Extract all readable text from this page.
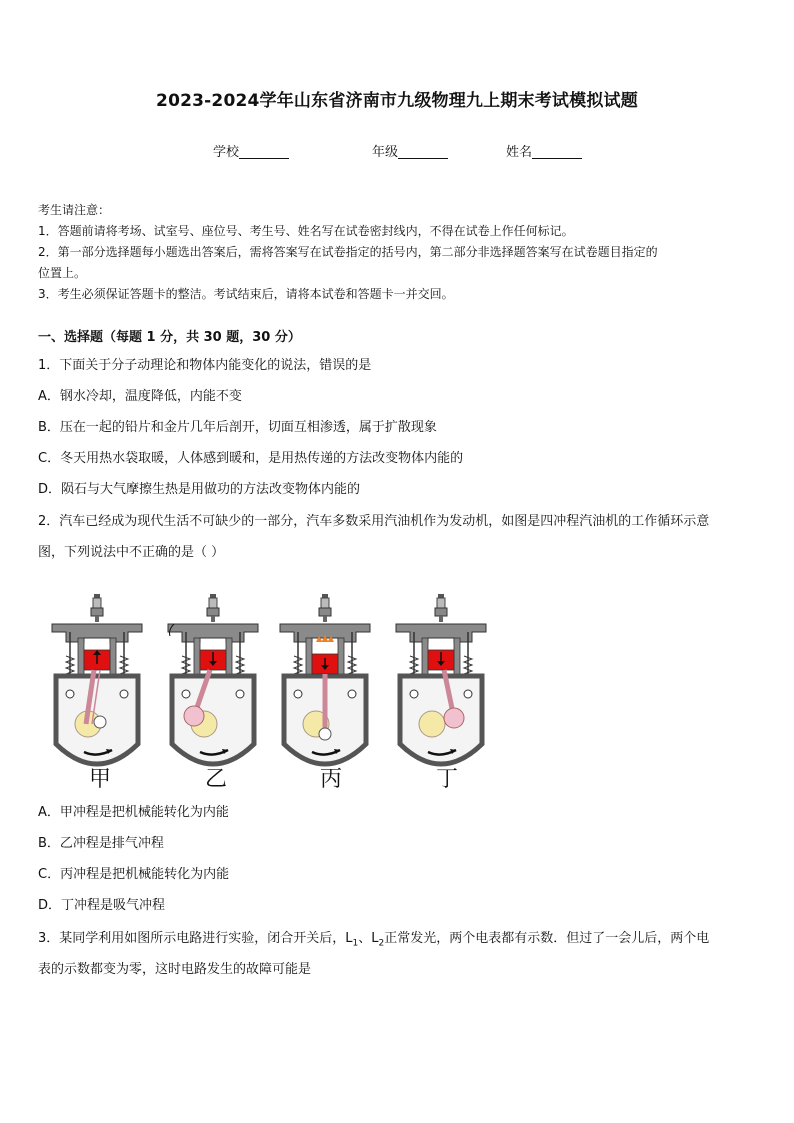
2023-2024学年山东省济南市九级物理九上期末考试模拟试题
学校	年级	姓名
考生请注意：
1．答题前请将考场、试室号、座位号、考生号、姓名写在试卷密封线内，不得在试卷上作任何标记。
2．第一部分选择题每小题选出答案后，需将答案写在试卷指定的括号内，第二部分非选择题答案写在试卷题目指定的
位置上。
3．考生必须保证答题卡的整洁。考试结束后，请将本试卷和答题卡一并交回。
一、选择题（每题 1 分，共 30 题，30 分）
1．下面关于分子动理论和物体内能变化的说法，错误的是
A．钢水冷却，温度降低，内能不变
B．压在一起的铅片和金片几年后剖开，切面互相渗透，属于扩散现象
C．冬天用热水袋取暖，人体感到暖和，是用热传递的方法改变物体内能的
D．陨石与大气摩擦生热是用做功的方法改变物体内能的
2．汽车已经成为现代生活不可缺少的一部分，汽车多数采用汽油机作为发动机，如图是四冲程汽油机的工作循环示意
图，下列说法中不正确的是（ ）
甲	乙	丙	丁
A．甲冲程是把机械能转化为内能
B．乙冲程是排气冲程
C．丙冲程是把机械能转化为内能
D．丁冲程是吸气冲程
3．某同学利用如图所示电路进行实验，闭合开关后，$L_1$、$L_2$正常发光，两个电表都有示数．但过了一会儿后，两个电
表的示数都变为零，这时电路发生的故障可能是
